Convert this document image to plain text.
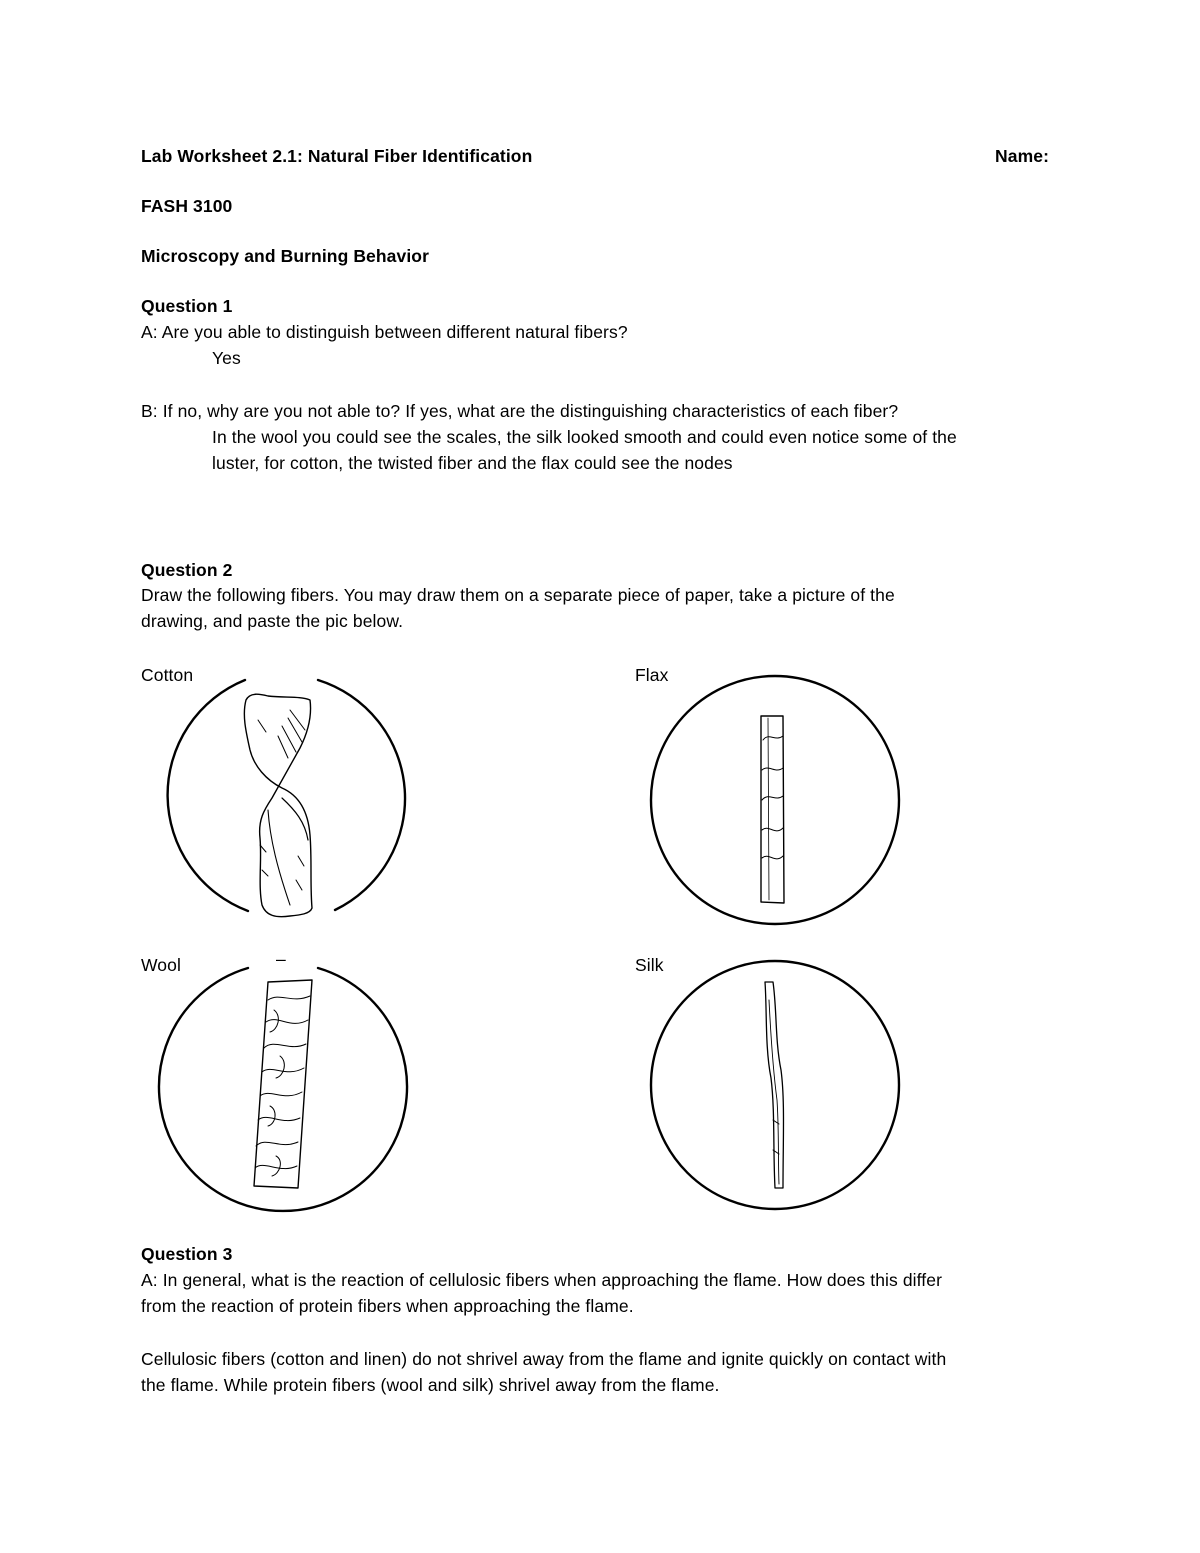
Lab Worksheet 2.1: Natural Fiber Identification	Name:
FASH 3100
Microscopy and Burning Behavior
Question 1
A: Are you able to distinguish between different natural fibers?
Yes
B: If no, why are you not able to? If yes, what are the distinguishing characteristics of each fiber?
In the wool you could see the scales, the silk looked smooth and could even notice some of the
luster, for cotton, the twisted fiber and the flax could see the nodes
Question 2
Draw the following fibers. You may draw them on a separate piece of paper, take a picture of the
drawing, and paste the pic below.
Cotton	Flax
Wool	Silk
–
Question 3
A: In general, what is the reaction of cellulosic fibers when approaching the flame. How does this differ
from the reaction of protein fibers when approaching the flame.
Cellulosic fibers (cotton and linen) do not shrivel away from the flame and ignite quickly on contact with
the flame. While protein fibers (wool and silk) shrivel away from the flame.
